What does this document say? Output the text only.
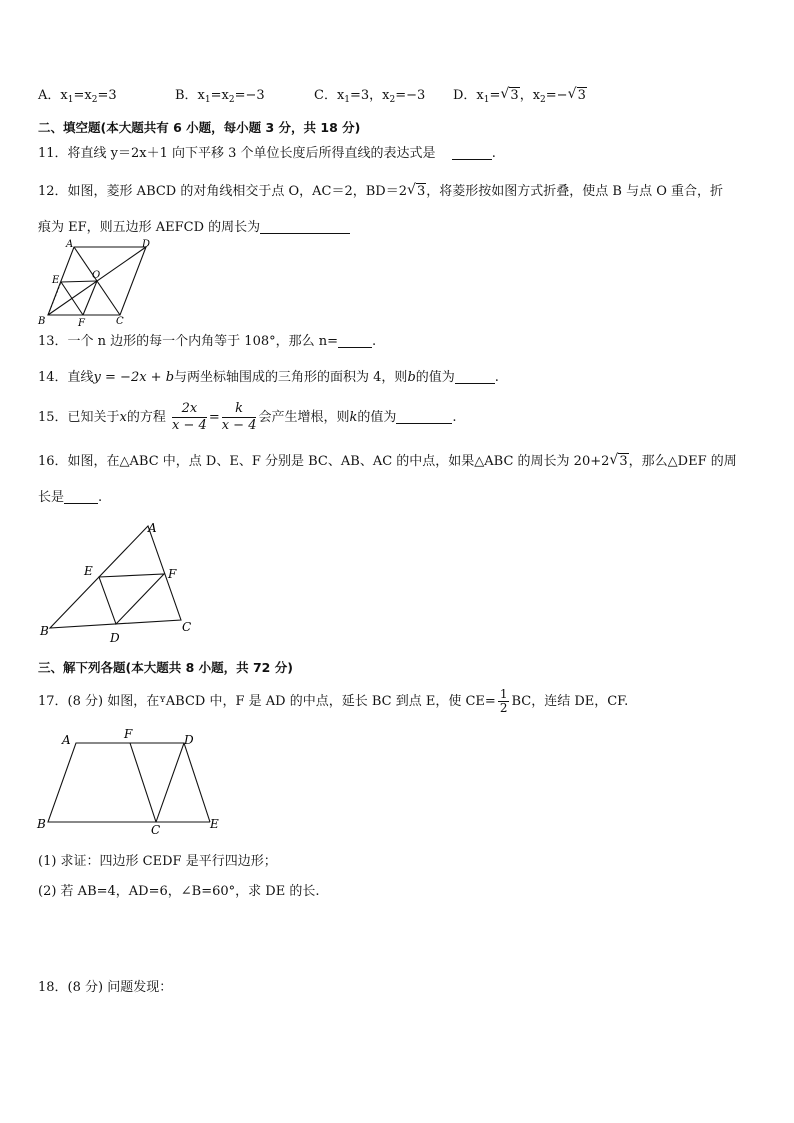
A．$x_1=x_2=3$	B．$x_1=x_2=-3$	C．$x_1=3$，$x_2=-3$ D．$x_1=√$ 3，$x_2=-√$ 3
二、填空题(本大题共有 6 小题，每小题 3 分，共 18 分)
11．将直线 y＝2x＋1 向下平移 3 个单位长度后所得直线的表达式是	.
12．如图，菱形 ABCD 的对角线相交于点 O，AC＝2，BD＝2√ 3，将菱形按如图方式折叠，使点 B 与点 O 重合，折
痕为 EF，则五边形 AEFCD 的周长为
A	D
E	O
B	F	C
13．一个 n 边形的每一个内角等于 108°，那么 n=	.
14．直线y = −2x + b与两坐标轴围成的三角形的面积为 4，则b的值为	.
15．已知关于x的方程 $\frac{2x}{x - 4} = \frac{k}{x - 4}$ 会产生增根，则k的值为	.
16．如图，在△ABC 中，点 D、E、F 分别是 BC、AB、AC 的中点，如果△ABC 的周长为 20+2√ 3，那么△DEF 的周
长是	.
A
E	F
B	D
C
三、解下列各题(本大题共 8 小题，共 72 分)
17．(8 分) 如图，在$^ʏ$ABCD 中，F 是 AD 的中点，延长 BC 到点 E，使 $CE= \frac{1}{2}$ BC，连结 DE，CF.
A	F	D
B	C	E
(1) 求证：四边形 CEDF 是平行四边形；
(2) 若 AB=4，AD=6，∠B=60°，求 DE 的长.
18．(8 分) 问题发现：
